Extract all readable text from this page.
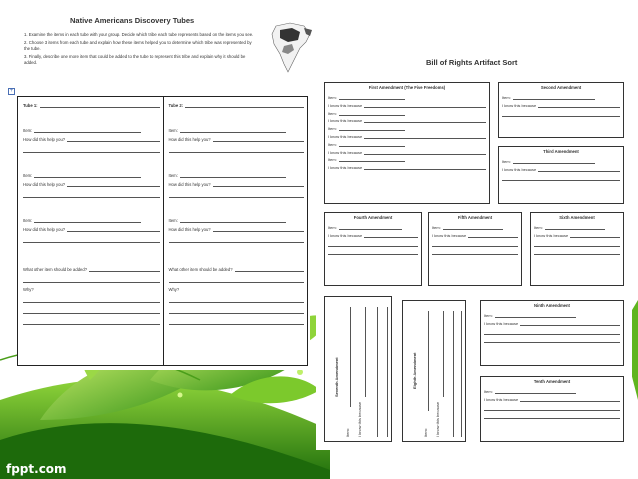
fppt.com
Native Americans Discovery Tubes

1. Examine the items in each tube with your group. Decide which tribe each tube represents based on the items you see.

2. Choose 3 items from each tube and explain how these items helped you to determine which tribe was represented by the tube.

3. Finally, describe one more item that could be added to the tube to represent this tribe and explain why it should be added.

+
Tube 1:
Item:
How did this help you?
Item:
How did this help you?
Item:
How did this help you?
What other item should be added?
Why?
Tube 2:
Item:
How did this help you?
Item:
How did this help you?
Item:
How did this help you?
What other item should be added?
Why?
Bill of Rights Artifact Sort
First Amendment (The Five Freedoms)
Item:
I know this because
Item:
I know this because
Item:
I know this because
Item:
I know this because
Item:
I know this because
Second Amendment
Item:
I know this because
Third Amendment
Item:
I know this because
Fourth Amendment
Item:
I know this because
Fifth Amendment
Item:
I know this because
Sixth Amendment
Item:
I know this because
Seventh Amendment
Item: I know this because
Eighth Amendment
Item: I know this because
Ninth Amendment
Item:
I know this because
Tenth Amendment
Item:
I know this because
